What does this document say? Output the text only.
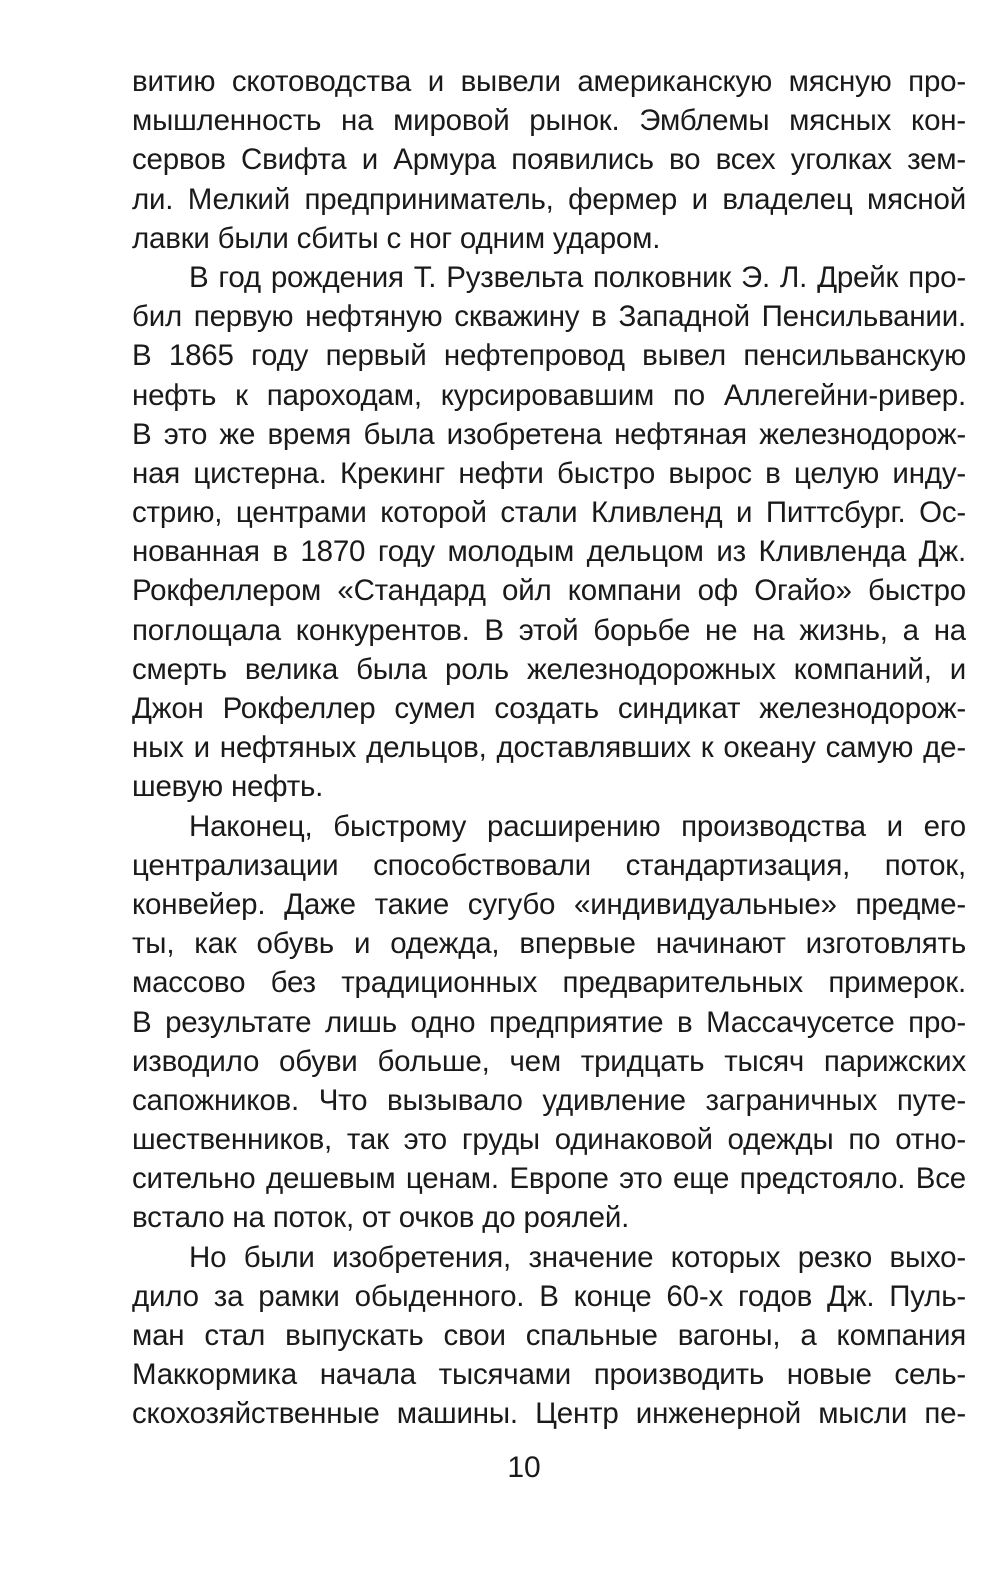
витию скотоводства и вывели американскую мясную про-
мышленность на мировой рынок. Эмблемы мясных кон-
сервов Свифта и Армура появились во всех уголках зем-
ли. Мелкий предприниматель, фермер и владелец мясной
лавки были сбиты с ног одним ударом.
В год рождения Т. Рузвельта полковник Э. Л. Дрейк про-
бил первую нефтяную скважину в Западной Пенсильвании.
В 1865 году первый нефтепровод вывел пенсильванскую
нефть к пароходам, курсировавшим по Аллегейни-ривер.
В это же время была изобретена нефтяная железнодорож-
ная цистерна. Крекинг нефти быстро вырос в целую инду-
стрию, центрами которой стали Кливленд и Питтсбург. Ос-
нованная в 1870 году молодым дельцом из Кливленда Дж.
Рокфеллером «Стандард ойл компани оф Огайо» быстро
поглощала конкурентов. В этой борьбе не на жизнь, а на
смерть велика была роль железнодорожных компаний, и
Джон Рокфеллер сумел создать синдикат железнодорож-
ных и нефтяных дельцов, доставлявших к океану самую де-
шевую нефть.
Наконец, быстрому расширению производства и его
централизации способствовали стандартизация, поток,
конвейер. Даже такие сугубо «индивидуальные» предме-
ты, как обувь и одежда, впервые начинают изготовлять
массово без традиционных предварительных примерок.
В результате лишь одно предприятие в Массачусетсе про-
изводило обуви больше, чем тридцать тысяч парижских
сапожников. Что вызывало удивление заграничных путе-
шественников, так это груды одинаковой одежды по отно-
сительно дешевым ценам. Европе это еще предстояло. Все
встало на поток, от очков до роялей.
Но были изобретения, значение которых резко выхо-
дило за рамки обыденного. В конце 60-х годов Дж. Пуль-
ман стал выпускать свои спальные вагоны, а компания
Маккормика начала тысячами производить новые сель-
скохозяйственные машины. Центр инженерной мысли пе-
10
